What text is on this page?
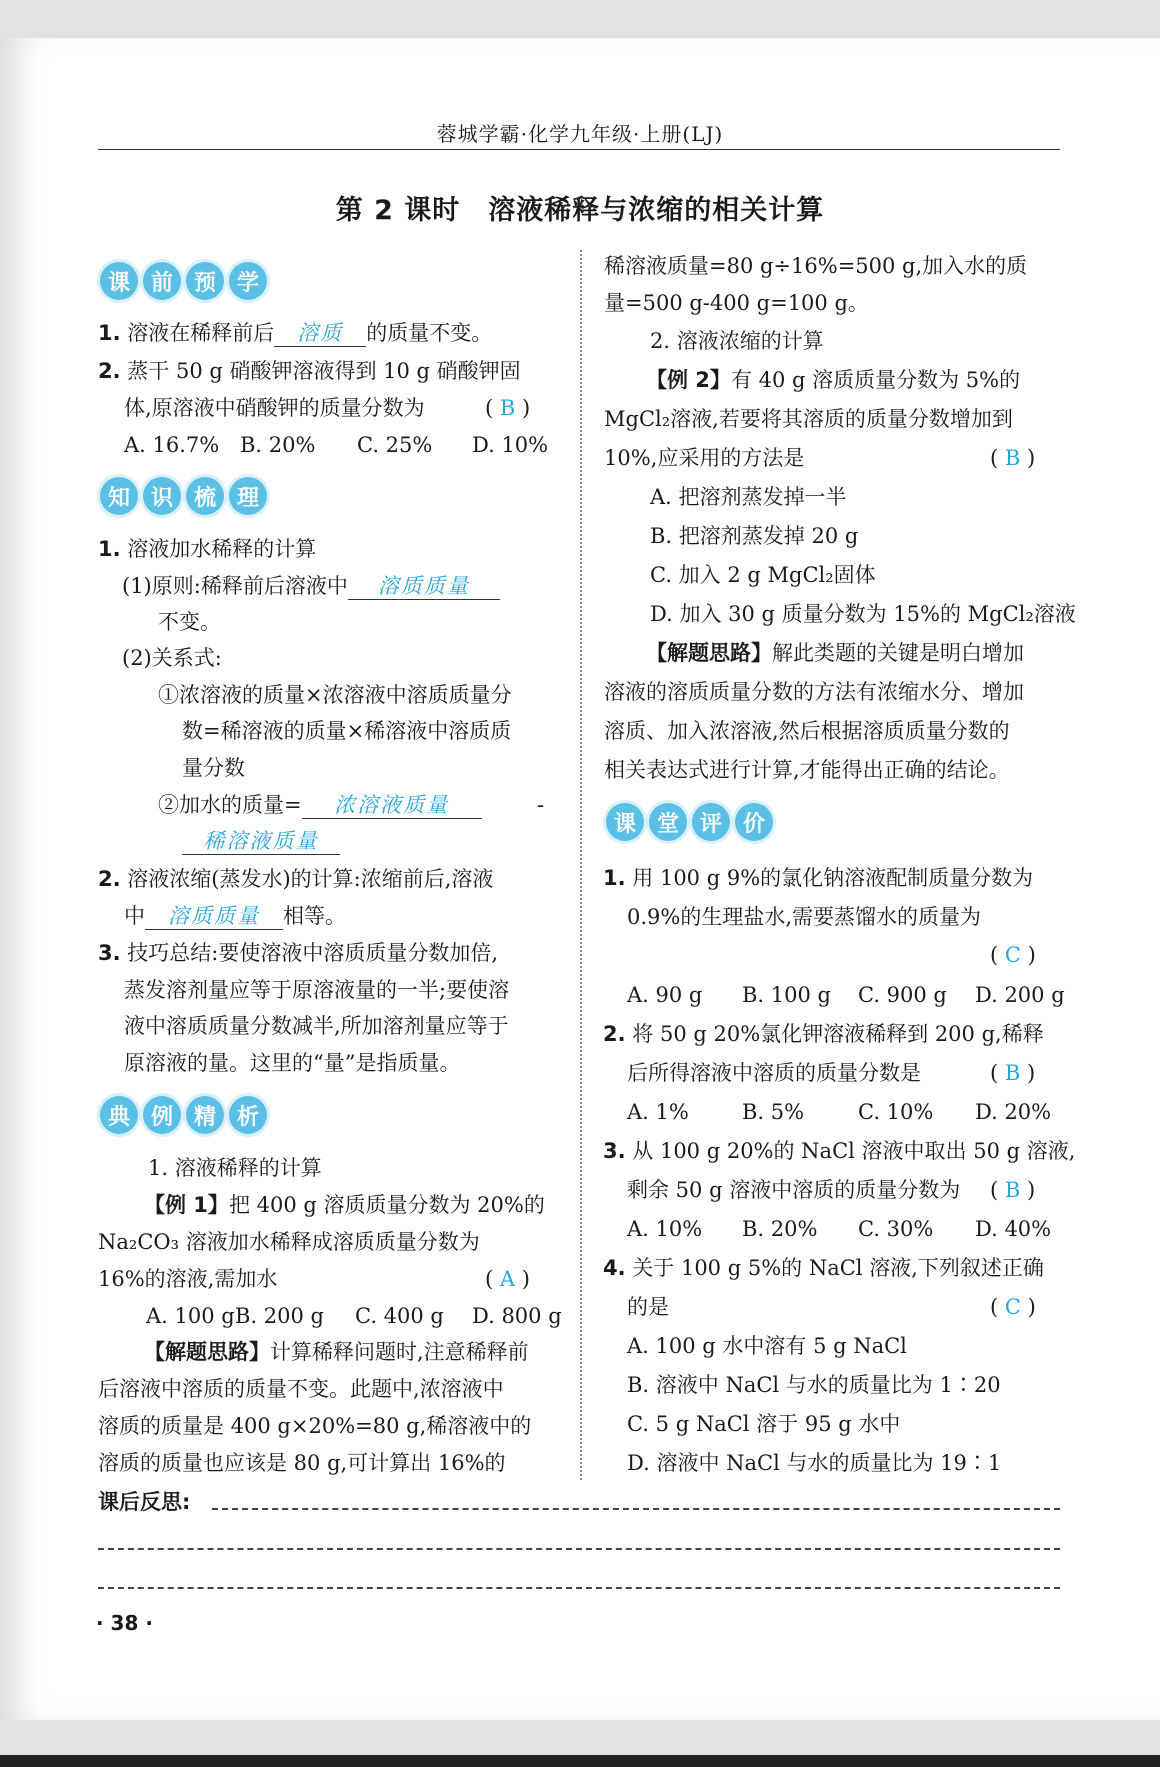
蓉城学霸·化学九年级·上册(LJ)
第 2 课时　溶液稀释与浓缩的相关计算
课 前 预 学
1. 溶液在稀释前后 溶质 的质量不变。
2. 蒸干 50 g 硝酸钾溶液得到 10 g 硝酸钾固
体,原溶液中硝酸钾的质量分数为	( B )
A. 16.7% B. 20% C. 25% D. 10%
知 识 梳 理
1. 溶液加水稀释的计算
(1)原则:稀释前后溶液中 溶质质量
不变。
(2)关系式:
①浓溶液的质量×浓溶液中溶质质量分
数=稀溶液的质量×稀溶液中溶质质
量分数
②加水的质量= 浓溶液质量	-
稀溶液质量
2. 溶液浓缩(蒸发水)的计算:浓缩前后,溶液
中 溶质质量 相等。
3. 技巧总结:要使溶液中溶质质量分数加倍,
蒸发溶剂量应等于原溶液量的一半;要使溶
液中溶质质量分数减半,所加溶剂量应等于
原溶液的量。这里的“量”是指质量。
典 例 精 析
1. 溶液稀释的计算
【例 1】把 400 g 溶质质量分数为 20%的
Na₂CO₃ 溶液加水稀释成溶质质量分数为
16%的溶液,需加水	( A )
A. 100 g B. 200 g C. 400 g D. 800 g
【解题思路】计算稀释问题时,注意稀释前
后溶液中溶质的质量不变。此题中,浓溶液中
溶质的质量是 400 g×20%=80 g,稀溶液中的
溶质的质量也应该是 80 g,可计算出 16%的
稀溶液质量=80 g÷16%=500 g,加入水的质
量=500 g-400 g=100 g。
2. 溶液浓缩的计算
【例 2】有 40 g 溶质质量分数为 5%的
MgCl₂溶液,若要将其溶质的质量分数增加到
10%,应采用的方法是	( B )
A. 把溶剂蒸发掉一半
B. 把溶剂蒸发掉 20 g
C. 加入 2 g MgCl₂固体
D. 加入 30 g 质量分数为 15%的 MgCl₂溶液
【解题思路】解此类题的关键是明白增加
溶液的溶质质量分数的方法有浓缩水分、增加
溶质、加入浓溶液,然后根据溶质质量分数的
相关表达式进行计算,才能得出正确的结论。
课 堂 评 价
1. 用 100 g 9%的氯化钠溶液配制质量分数为
0.9%的生理盐水,需要蒸馏水的质量为
( C )
A. 90 g B. 100 g C. 900 g D. 200 g
2. 将 50 g 20%氯化钾溶液稀释到 200 g,稀释
后所得溶液中溶质的质量分数是	( B )
A. 1%	B. 5%	C. 10% D. 20%
3. 从 100 g 20%的 NaCl 溶液中取出 50 g 溶液,
剩余 50 g 溶液中溶质的质量分数为 ( B )
A. 10% B. 20% C. 30% D. 40%
4. 关于 100 g 5%的 NaCl 溶液,下列叙述正确
的是	( C )
A. 100 g 水中溶有 5 g NaCl
B. 溶液中 NaCl 与水的质量比为 1∶20
C. 5 g NaCl 溶于 95 g 水中
D. 溶液中 NaCl 与水的质量比为 19∶1
课后反思:
· 38 ·
